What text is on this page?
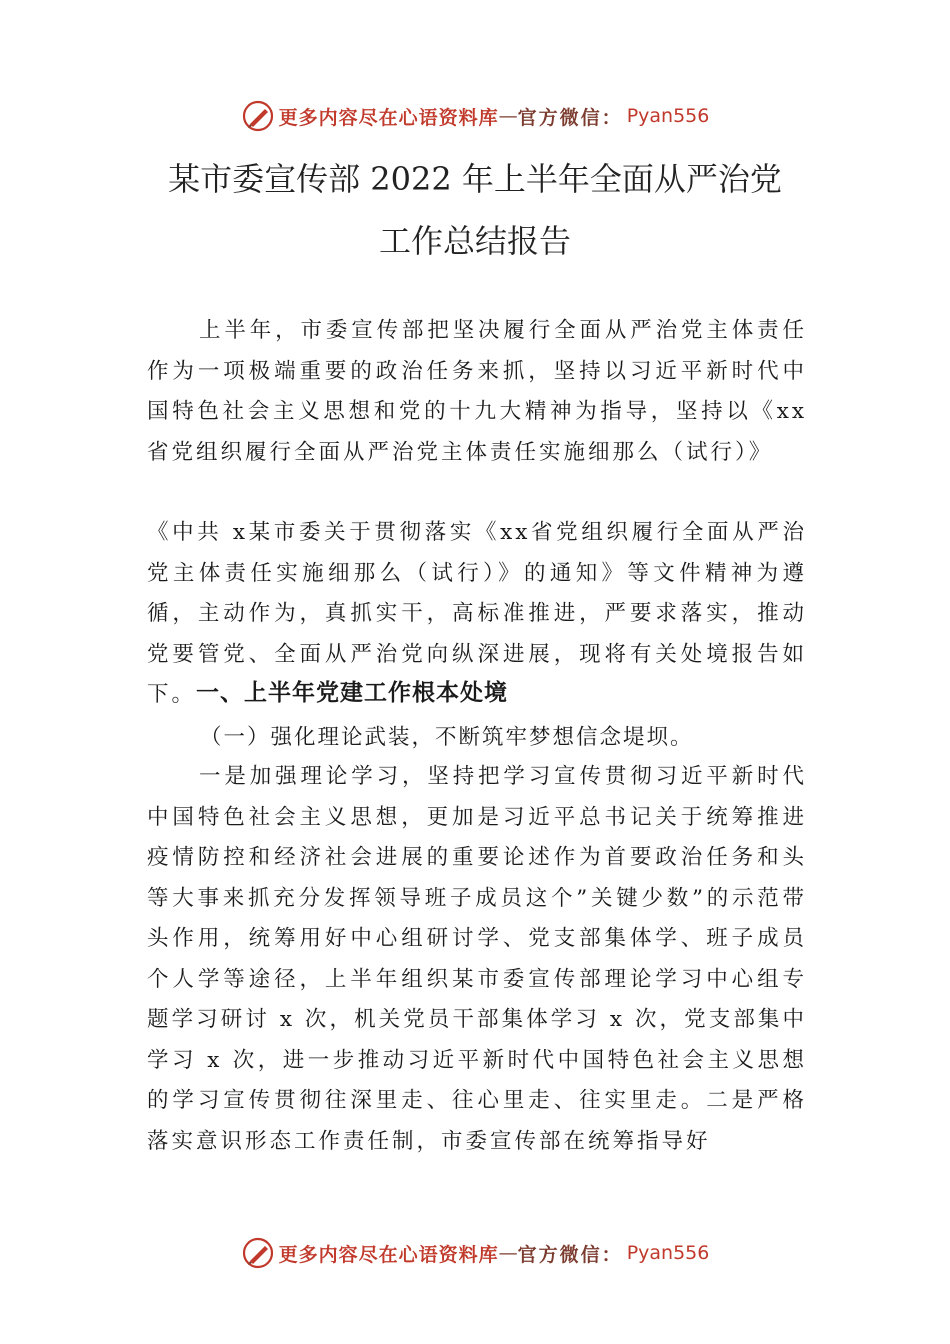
更多内容尽在心语资料库 — 官方微信： Pyan556
某市委宣传部 2022 年上半年全面从严治党
工作总结报告

上半年，市委宣传部把坚决履行全面从严治党主体责任作为一项极端重要的政治任务来抓，坚持以习近平新时代中国特色社会主义思想和党的十九大精神为指导，坚持以《xx省党组织履行全面从严治党主体责任实施细那么（试行）》

《中共 x某市委关于贯彻落实《xx省党组织履行全面从严治党主体责任实施细那么（试行）》的通知》等文件精神为遵循，主动作为，真抓实干，高标准推进，严要求落实，推动党要管党、全面从严治党向纵深进展，现将有关处境报告如下。 一、上半年党建工作根本处境

（一）强化理论武装，不断筑牢梦想信念堤坝。

一是加强理论学习，坚持把学习宣传贯彻习近平新时代中国特色社会主义思想，更加是习近平总书记关于统筹推进疫情防控和经济社会进展的重要论述作为首要政治任务和头等大事来抓充分发挥领导班子成员这个”关键少数”的示范带头作用，统筹用好中心组研讨学、党支部集体学、班子成员个人学等途径，上半年组织某市委宣传部理论学习中心组专题学习研讨 x 次，机关党员干部集体学习 x 次，党支部集中学习 x 次，进一步推动习近平新时代中国特色社会主义思想的学习宣传贯彻往深里走、往心里走、往实里走。二是严格落实意识形态工作责任制，市委宣传部在统筹指导好

更多内容尽在心语资料库 — 官方微信： Pyan556
